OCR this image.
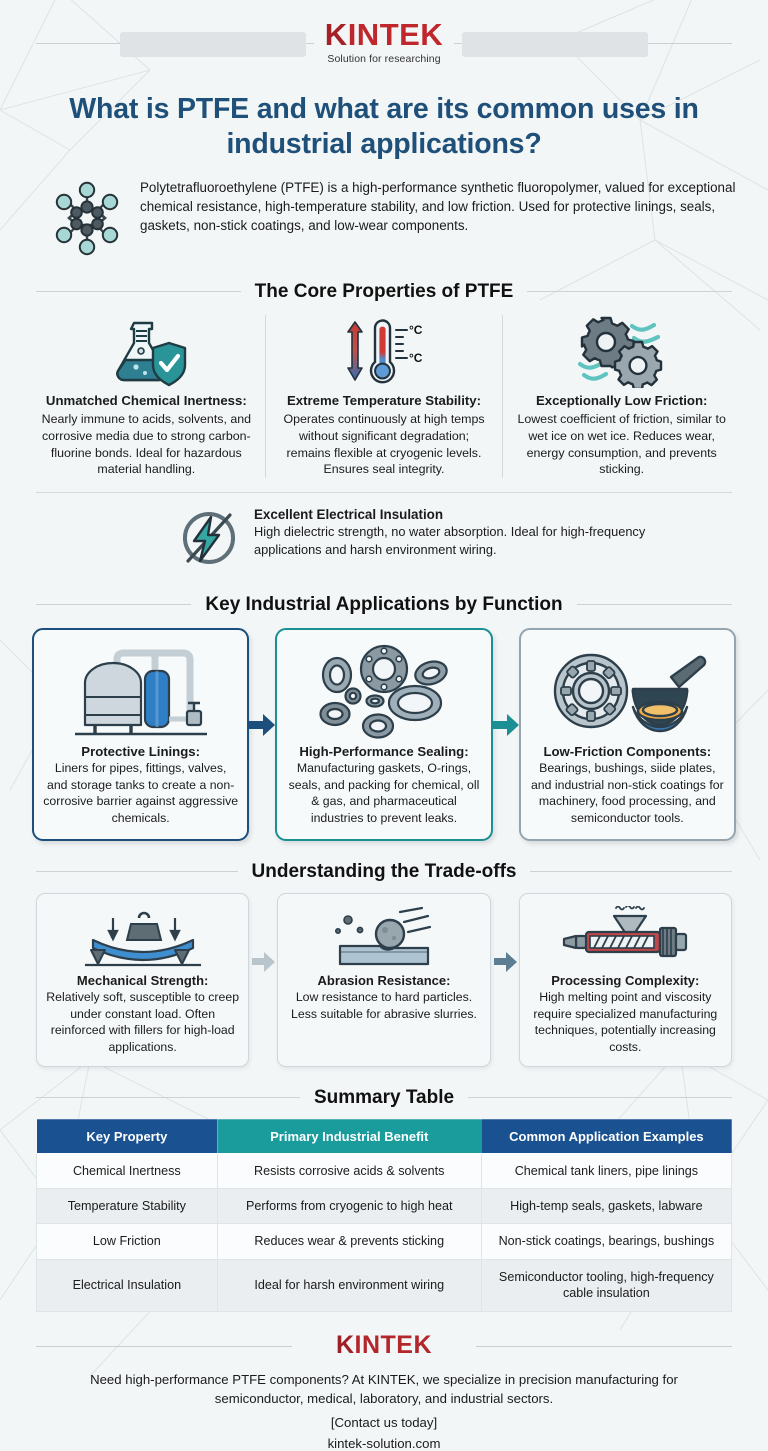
KINTEK
Solution for researching
What is PTFE and what are its common uses in industrial applications?

Polytetrafluoroethylene (PTFE) is a high-performance synthetic fluoropolymer, valued for exceptional chemical resistance, high-temperature stability, and low friction. Used for protective linings, seals, gaskets, non-stick coatings, and low-wear components.

The Core Properties of PTFE
Unmatched Chemical Inertness:

Nearly immune to acids, solvents, and corrosive media due to strong carbon-fluorine bonds. Ideal for hazardous material handling.

°C
°C
Extreme Temperature Stability:

Operates continuously at high temps without significant degradation; remains flexible at cryogenic levels. Ensures seal integrity.

Exceptionally Low Friction:

Lowest coefficient of friction, similar to wet ice on wet ice. Reduces wear, energy consumption, and prevents sticking.

Excellent Electrical Insulation

High dielectric strength, no water absorption. Ideal for high-frequency applications and harsh environment wiring.

Key Industrial Applications by Function
Protective Linings:

Liners for pipes, fittings, valves, and storage tanks to create a non-corrosive barrier against aggressive chemicals.

High-Performance Sealing:

Manufacturing gaskets, O-rings, seals, and packing for chemical, oll & gas, and pharmaceutical industries to prevent leaks.

Low-Friction Components:

Bearings, bushings, siide plates, and industrial non-stick coatings for machinery, food processing, and semiconductor tools.

Understanding the Trade-offs
Mechanical Strength:

Relatively soft, susceptible to creep under constant load. Often reinforced with fillers for high-load applications.

Abrasion Resistance:

Low resistance to hard particles. Less suitable for abrasive slurries.

Processing Complexity:

High melting point and viscosity require specialized manufacturing techniques, potentially increasing costs.

Summary Table
Key Property	Primary Industrial Benefit	Common Application Examples
Chemical Inertness	Resists corrosive acids & solvents	Chemical tank liners, pipe linings
Temperature Stability	Performs from cryogenic to high heat	High-temp seals, gaskets, labware
Low Friction	Reduces wear & prevents sticking	Non-stick coatings, bearings, bushings
Electrical Insulation	Ideal for harsh environment wiring	Semiconductor tooling, high-frequency cable insulation
KINTEK

Need high-performance PTFE components? At KINTEK, we specialize in precision manufacturing for semiconductor, medical, laboratory, and industrial sectors.

[Contact us today]

kintek-solution.com
